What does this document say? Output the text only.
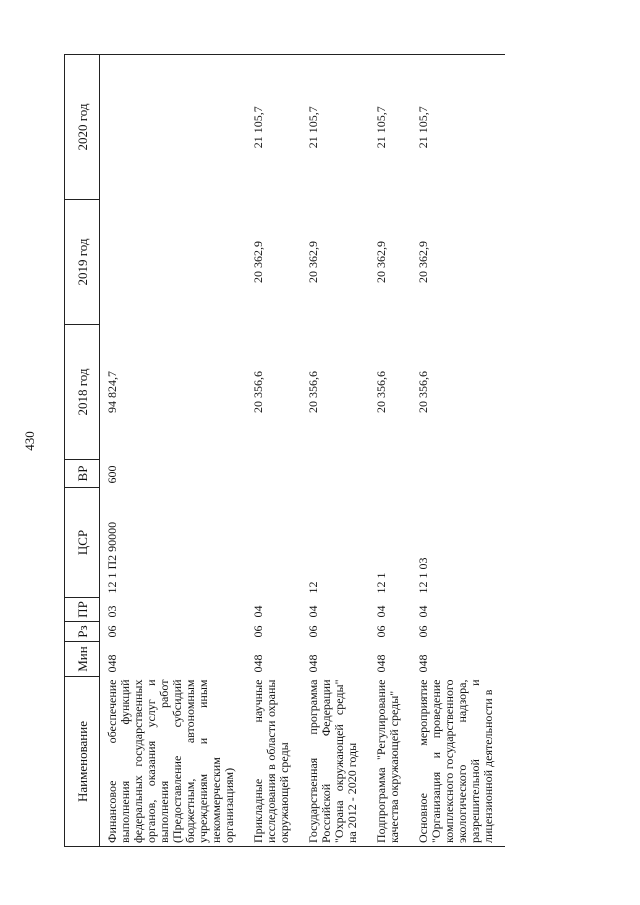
430
Наименование	Мин	Рз	ПР	ЦСР	ВР	2018 год	2019 год	2020 год
Финансовое обеспечение выполнения функций федеральных государственных органов, оказания услуг и выполнения работ (Предоставление субсидий бюджетным, автономным учреждениям и иным некоммерческим организациям)	048	06	03	12 1 П2 90000	600	94 824,7		
Прикладные научные исследования в области охраны окружающей среды	048	06	04			20 356,6	20 362,9	21 105,7
Государственная программа Российской Федерации "Охрана окружающей среды" на 2012 - 2020 годы	048	06	04	12		20 356,6	20 362,9	21 105,7
Подпрограмма "Регулирование качества окружающей среды"	048	06	04	12 1		20 356,6	20 362,9	21 105,7
Основное мероприятие "Организация и проведение комплексного государственного экологического надзора, разрешительной и лицензионной деятельности в	048	06	04	12 1 03		20 356,6	20 362,9	21 105,7
